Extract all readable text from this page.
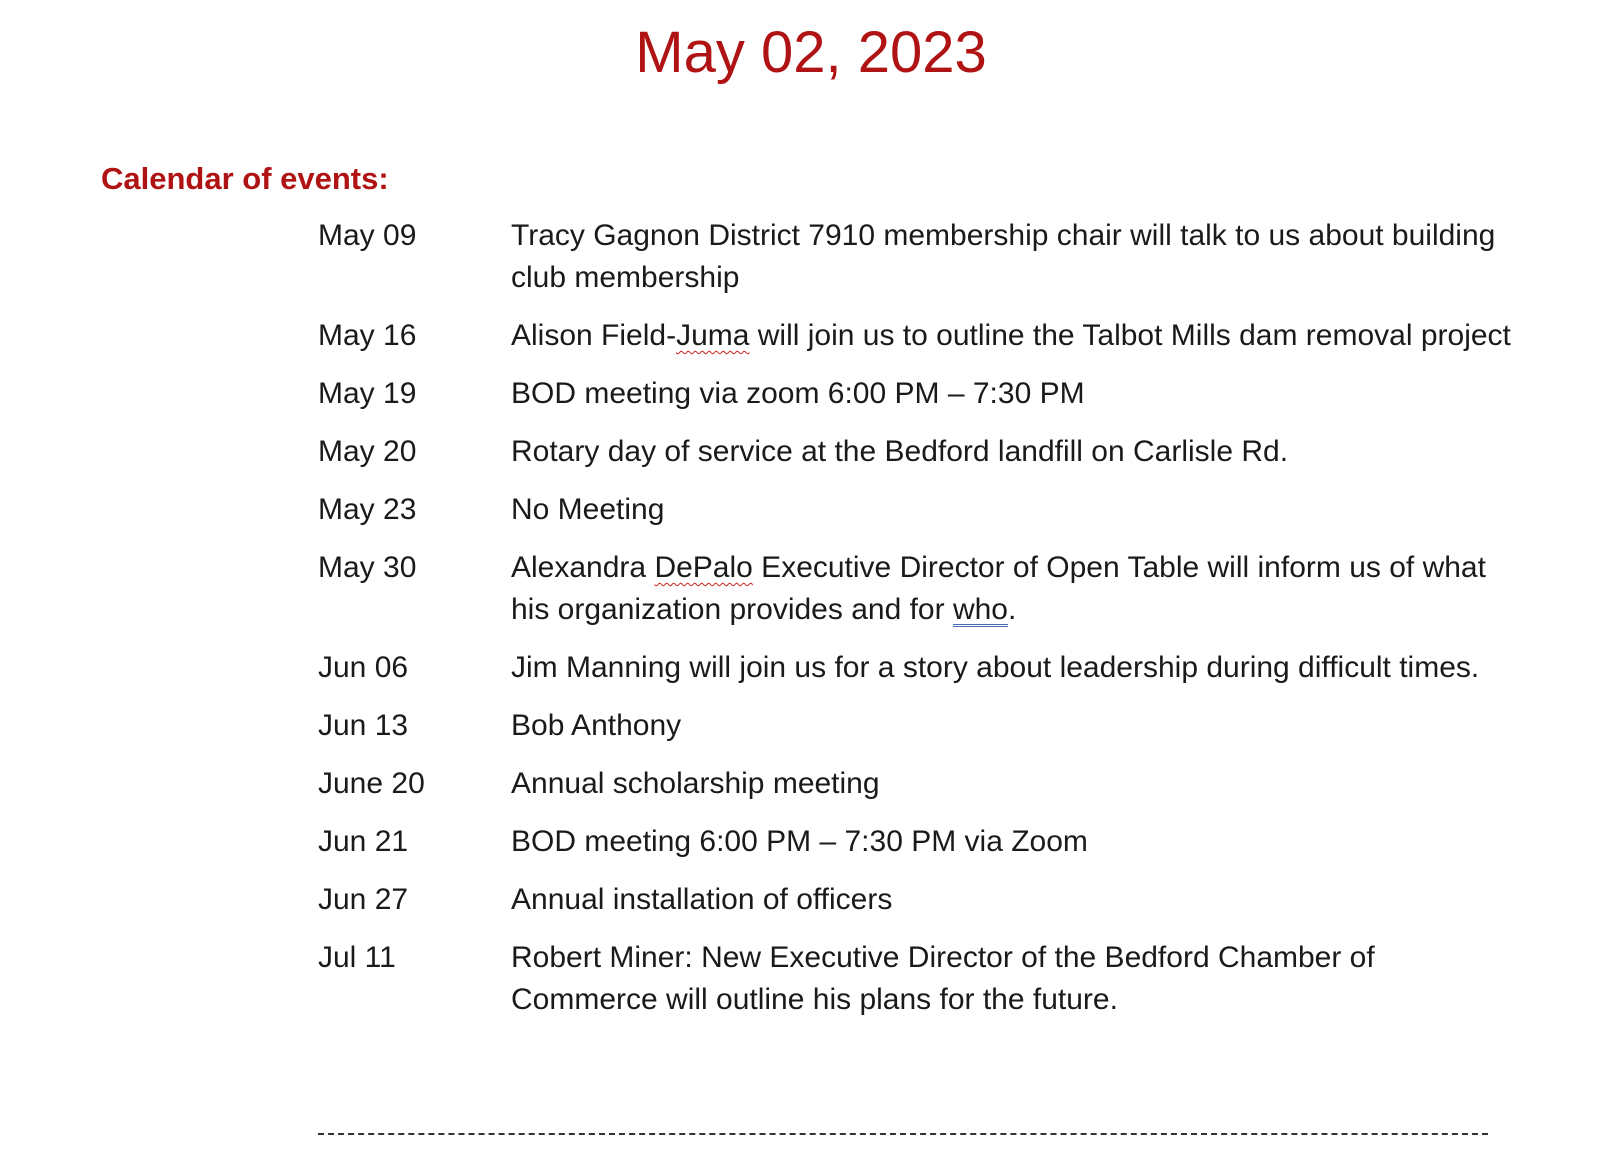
May 02, 2023
Calendar of events:
May 09	Tracy Gagnon District 7910 membership chair will talk to us about building club membership
May 16	Alison Field-Juma will join us to outline the Talbot Mills dam removal project
May 19	BOD meeting via zoom 6:00 PM – 7:30 PM
May 20	Rotary day of service at the Bedford landfill on Carlisle Rd.
May 23	No Meeting
May 30	Alexandra DePalo Executive Director of Open Table will inform us of what his organization provides and for who.
Jun 06	Jim Manning will join us for a story about leadership during difficult times.
Jun 13	Bob Anthony
June 20	Annual scholarship meeting
Jun 21	BOD meeting 6:00 PM – 7:30 PM via Zoom
Jun 27	Annual installation of officers
Jul 11	Robert Miner: New Executive Director of the Bedford Chamber of Commerce will outline his plans for the future.
